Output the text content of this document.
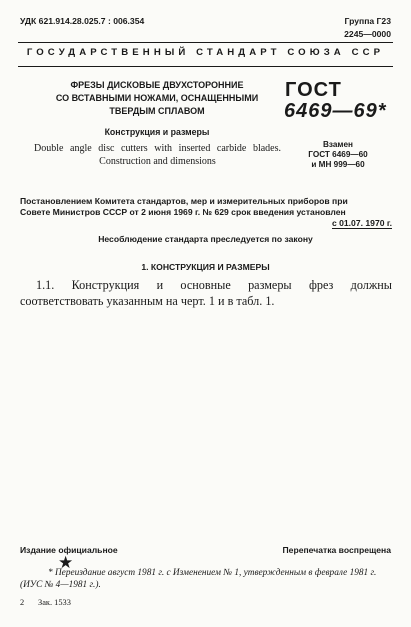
УДК 621.914.28.025.7 : 006.354	Группа Г23
2245—0000
ГОСУДАРСТВЕННЫЙ СТАНДАРТ СОЮЗА ССР
ФРЕЗЫ ДИСКОВЫЕ ДВУХСТОРОННИЕ
СО ВСТАВНЫМИ НОЖАМИ, ОСНАЩЕННЫМИ
ТВЕРДЫМ СПЛАВОМ
ГОСТ
6469—69*
Конструкция и размеры
Double angle disc cutters with inserted carbide blades. Construction and dimensions
Взамен
ГОСТ 6469—60
и МН 999—60
Постановлением Комитета стандартов, мер и измерительных приборов при
Совете Министров СССР от 2 июня 1969 г. № 629 срок введения установлен
с 01.07. 1970 г.
Несоблюдение стандарта преследуется по закону
1. КОНСТРУКЦИЯ И РАЗМЕРЫ
1.1. Конструкция и основные размеры фрез должны соответствовать указанным на черт. 1 и в табл. 1.
Издание официальное	Перепечатка воспрещена
★
* Переиздание август 1981 г. с Изменением № 1, утвержденным в феврале 1981 г. (ИУС № 4—1981 г.).
2 Зак. 1533
